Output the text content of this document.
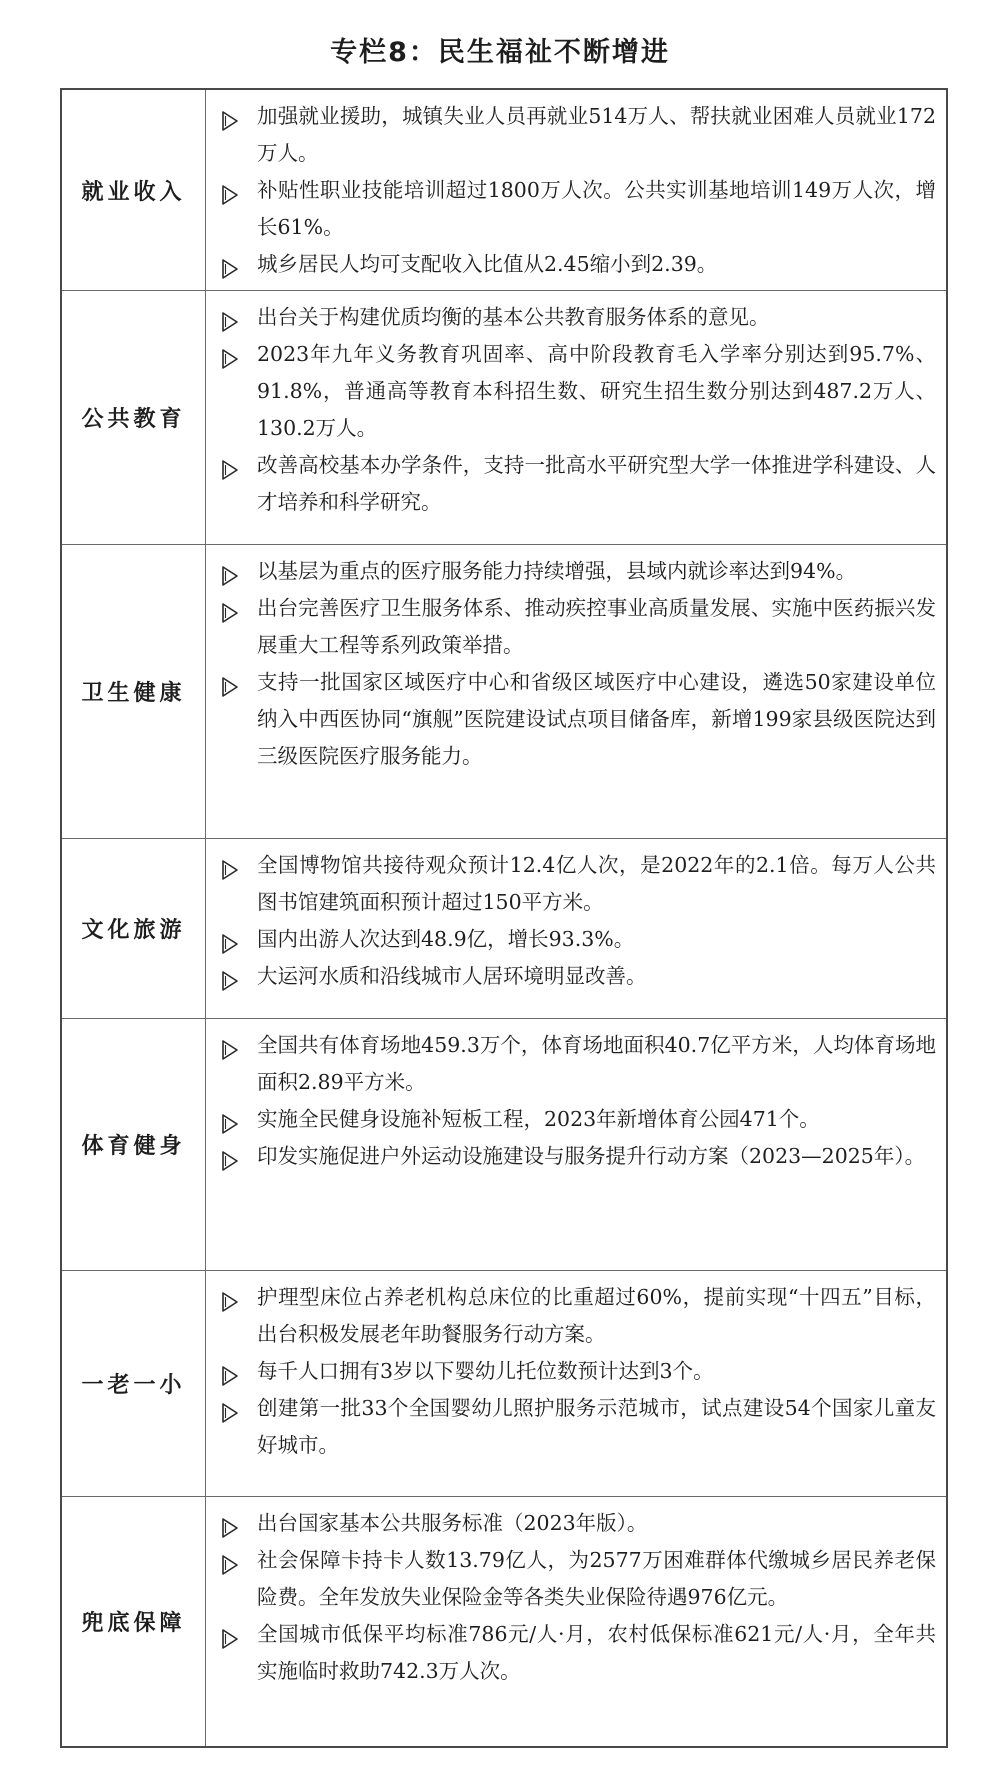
专栏8：民生福祉不断增进
就业收入
加强就业援助，城镇失业人员再就业514万人、帮扶就业困难人员就业172万人。
补贴性职业技能培训超过1800万人次。公共实训基地培训149万人次，增长61%。
城乡居民人均可支配收入比值从2.45缩小到2.39。
公共教育
出台关于构建优质均衡的基本公共教育服务体系的意见。
2023年九年义务教育巩固率、高中阶段教育毛入学率分别达到95.7%、91.8%，普通高等教育本科招生数、研究生招生数分别达到487.2万人、130.2万人。
改善高校基本办学条件，支持一批高水平研究型大学一体推进学科建设、人才培养和科学研究。
卫生健康
以基层为重点的医疗服务能力持续增强，县域内就诊率达到94%。
出台完善医疗卫生服务体系、推动疾控事业高质量发展、实施中医药振兴发展重大工程等系列政策举措。
支持一批国家区域医疗中心和省级区域医疗中心建设，遴选50家建设单位纳入中西医协同“旗舰”医院建设试点项目储备库，新增199家县级医院达到三级医院医疗服务能力。
文化旅游
全国博物馆共接待观众预计12.4亿人次，是2022年的2.1倍。每万人公共图书馆建筑面积预计超过150平方米。
国内出游人次达到48.9亿，增长93.3%。
大运河水质和沿线城市人居环境明显改善。
体育健身
全国共有体育场地459.3万个，体育场地面积40.7亿平方米，人均体育场地面积2.89平方米。
实施全民健身设施补短板工程，2023年新增体育公园471个。
印发实施促进户外运动设施建设与服务提升行动方案（2023—2025年）。
一老一小
护理型床位占养老机构总床位的比重超过60%，提前实现“十四五”目标，出台积极发展老年助餐服务行动方案。
每千人口拥有3岁以下婴幼儿托位数预计达到3个。
创建第一批33个全国婴幼儿照护服务示范城市，试点建设54个国家儿童友好城市。
兜底保障
出台国家基本公共服务标准（2023年版）。
社会保障卡持卡人数13.79亿人，为2577万困难群体代缴城乡居民养老保险费。全年发放失业保险金等各类失业保险待遇976亿元。
全国城市低保平均标准786元/人·月，农村低保标准621元/人·月，全年共实施临时救助742.3万人次。
